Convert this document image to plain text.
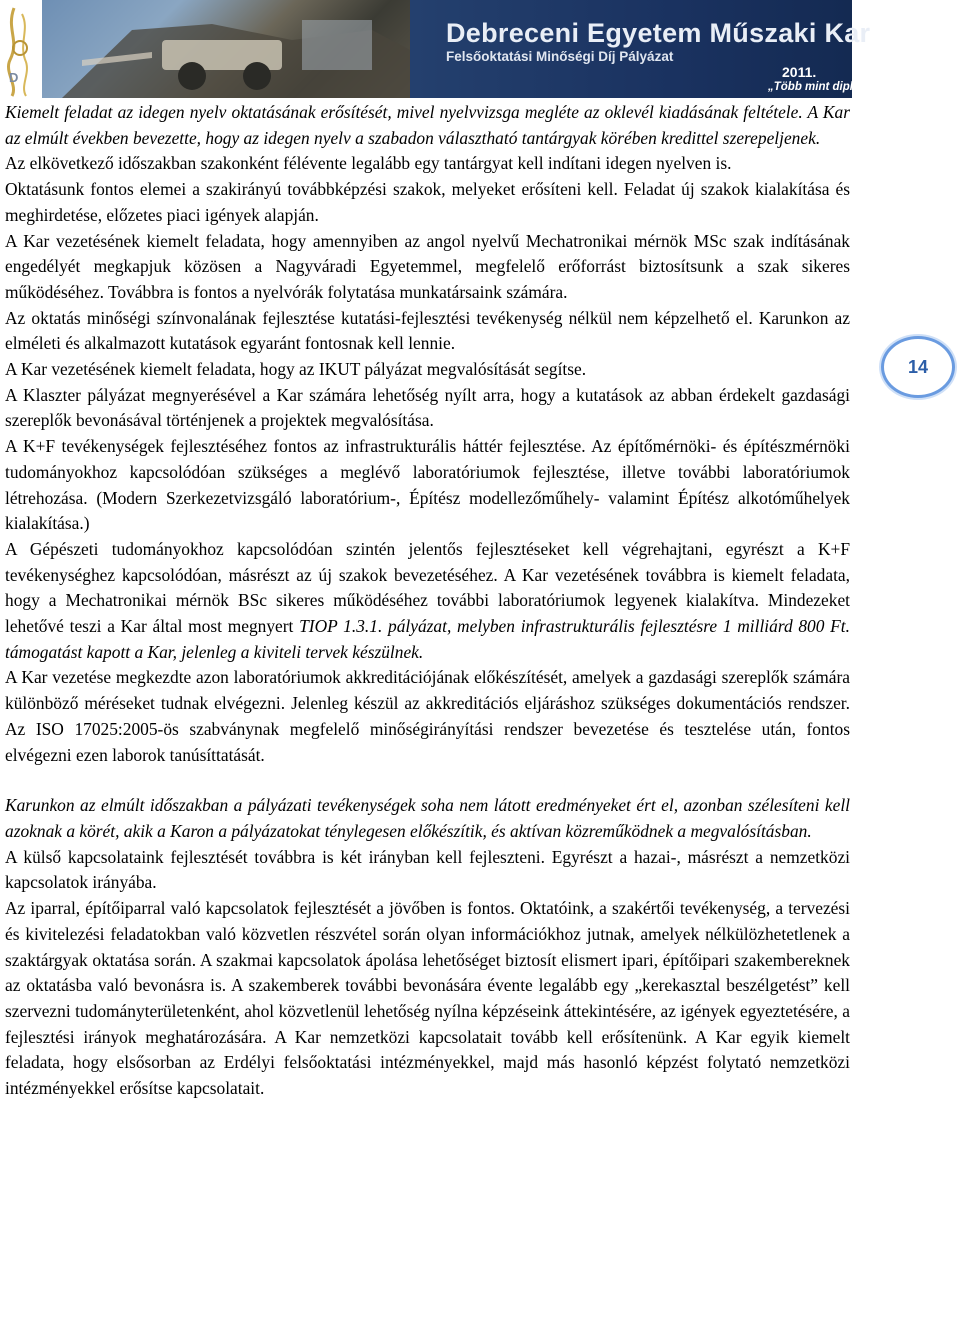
D
Debreceni Egyetem Műszaki Kar
Felsőoktatási Minőségi Díj Pályázat
2011.
„Több mint diploma”

Kiemelt feladat az idegen nyelv oktatásának erősítését, mivel nyelvvizsga megléte az oklevél kiadásának feltétele. A Kar az elmúlt években bevezette, hogy az idegen nyelv a szabadon választható tantárgyak körében kredittel szerepeljenek.

Az elkövetkező időszakban szakonként félévente legalább egy tantárgyat kell indítani idegen nyelven is.

Oktatásunk fontos elemei a szakirányú továbbképzési szakok, melyeket erősíteni kell. Feladat új szakok kialakítása és meghirdetése, előzetes piaci igények alapján.

A Kar vezetésének kiemelt feladata, hogy amennyiben az angol nyelvű Mechatronikai mérnök MSc szak indításának engedélyét megkapjuk közösen a Nagyváradi Egyetemmel, megfelelő erőforrást biztosítsunk a szak sikeres működéséhez. Továbbra is fontos a nyelvórák folytatása munkatársaink számára.

Az oktatás minőségi színvonalának fejlesztése kutatási-fejlesztési tevékenység nélkül nem képzelhető el. Karunkon az elméleti és alkalmazott kutatások egyaránt fontosnak kell lennie.

A Kar vezetésének kiemelt feladata, hogy az IKUT pályázat megvalósítását segítse.

A Klaszter pályázat megnyerésével a Kar számára lehetőség nyílt arra, hogy a kutatások az abban érdekelt gazdasági szereplők bevonásával történjenek a projektek megvalósítása.

A K+F tevékenységek fejlesztéséhez fontos az infrastrukturális háttér fejlesztése. Az építőmérnöki- és építészmérnöki tudományokhoz kapcsolódóan szükséges a meglévő laboratóriumok fejlesztése, illetve további laboratóriumok létrehozása. (Modern Szerkezetvizsgáló laboratórium-, Építész modellezőműhely- valamint Építész alkotóműhelyek kialakítása.)

A Gépészeti tudományokhoz kapcsolódóan szintén jelentős fejlesztéseket kell végrehajtani, egyrészt a K+F tevékenységhez kapcsolódóan, másrészt az új szakok bevezetéséhez. A Kar vezetésének továbbra is kiemelt feladata, hogy a Mechatronikai mérnök BSc sikeres működéséhez további laboratóriumok legyenek kialakítva. Mindezeket lehetővé teszi a Kar által most megnyert TIOP 1.3.1. pályázat, melyben infrastrukturális fejlesztésre 1 milliárd 800 Ft. támogatást kapott a Kar, jelenleg a kiviteli tervek készülnek.

A Kar vezetése megkezdte azon laboratóriumok akkreditációjának előkészítését, amelyek a gazdasági szereplők számára különböző méréseket tudnak elvégezni. Jelenleg készül az akkreditációs eljáráshoz szükséges dokumentációs rendszer. Az ISO 17025:2005-ös szabványnak megfelelő minőségirányítási rendszer bevezetése és tesztelése után, fontos elvégezni ezen laborok tanúsíttatását.

Karunkon az elmúlt időszakban a pályázati tevékenységek soha nem látott eredményeket ért el, azonban szélesíteni kell azoknak a körét, akik a Karon a pályázatokat ténylegesen előkészítik, és aktívan közreműködnek a megvalósításban.

A külső kapcsolataink fejlesztését továbbra is két irányban kell fejleszteni. Egyrészt a hazai-, másrészt a nemzetközi kapcsolatok irányába.

Az iparral, építőiparral való kapcsolatok fejlesztését a jövőben is fontos. Oktatóink, a szakértői tevékenység, a tervezési és kivitelezési feladatokban való közvetlen részvétel során olyan információkhoz jutnak, amelyek nélkülözhetetlenek a szaktárgyak oktatása során. A szakmai kapcsolatok ápolása lehetőséget biztosít elismert ipari, építőipari szakembereknek az oktatásba való bevonásra is. A szakemberek további bevonására évente legalább egy „kerekasztal beszélgetést” kell szervezni tudományterületenként, ahol közvetlenül lehetőség nyílna képzéseink áttekintésére, az igények egyeztetésére, a fejlesztési irányok meghatározására. A Kar nemzetközi kapcsolatait tovább kell erősítenünk. A Kar egyik kiemelt feladata, hogy elsősorban az Erdélyi felsőoktatási intézményekkel, majd más hasonló képzést folytató nemzetközi intézményekkel erősítse kapcsolatait.

14
